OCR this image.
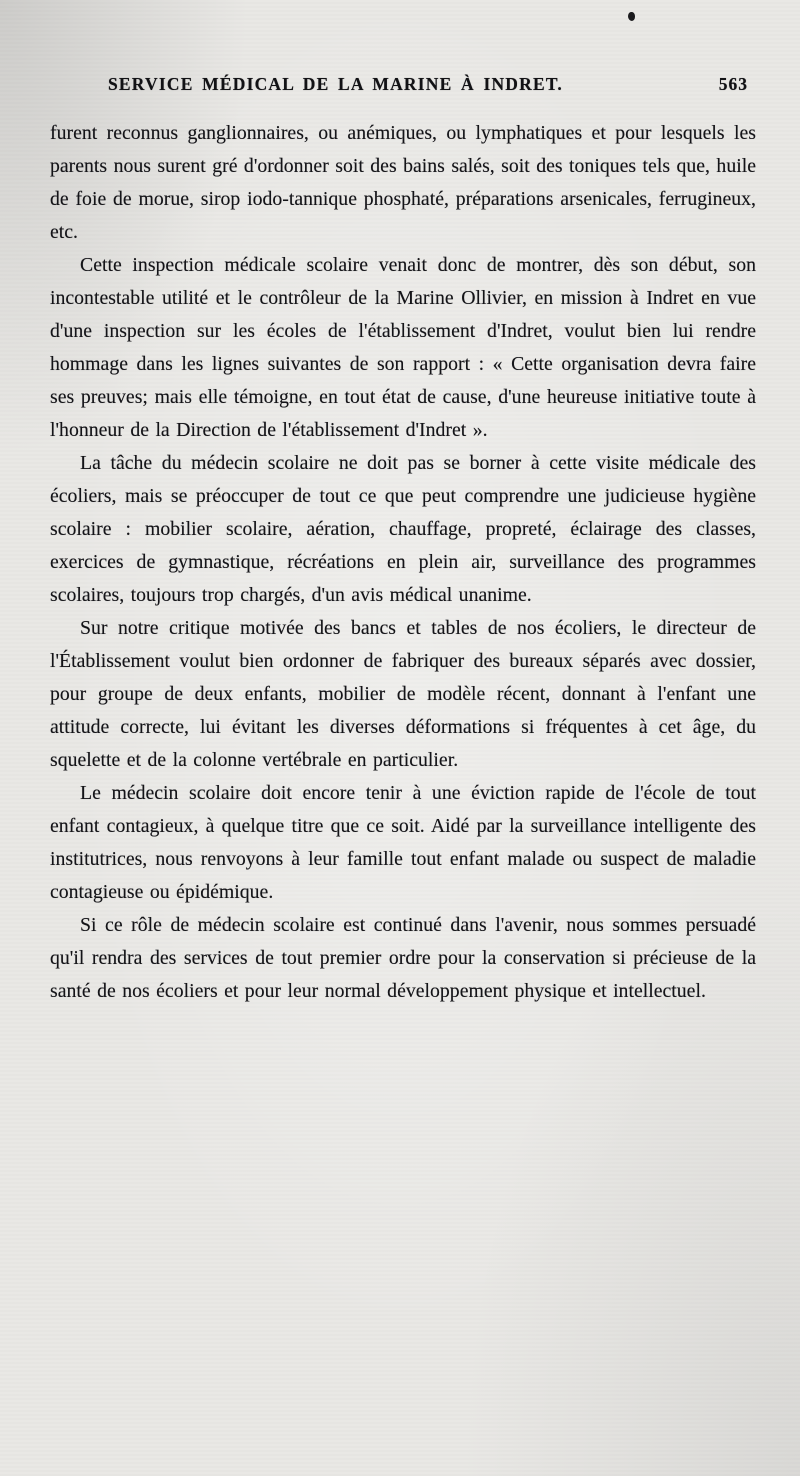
SERVICE MÉDICAL DE LA MARINE À INDRET.	563

furent reconnus ganglionnaires, ou anémiques, ou lymphatiques et pour lesquels les parents nous surent gré d'ordonner soit des bains salés, soit des toniques tels que, huile de foie de morue, sirop iodo-tannique phosphaté, préparations arsenicales, ferrugineux, etc.

Cette inspection médicale scolaire venait donc de montrer, dès son début, son incontestable utilité et le contrôleur de la Marine Ollivier, en mission à Indret en vue d'une inspection sur les écoles de l'établissement d'Indret, voulut bien lui rendre hommage dans les lignes suivantes de son rapport : « Cette organisation devra faire ses preuves; mais elle témoigne, en tout état de cause, d'une heureuse initiative toute à l'honneur de la Direction de l'établissement d'Indret ».

La tâche du médecin scolaire ne doit pas se borner à cette visite médicale des écoliers, mais se préoccuper de tout ce que peut comprendre une judicieuse hygiène scolaire : mobilier scolaire, aération, chauffage, propreté, éclairage des classes, exercices de gymnastique, récréations en plein air, surveillance des programmes scolaires, toujours trop chargés, d'un avis médical unanime.

Sur notre critique motivée des bancs et tables de nos écoliers, le directeur de l'Établissement voulut bien ordonner de fabriquer des bureaux séparés avec dossier, pour groupe de deux enfants, mobilier de modèle récent, donnant à l'enfant une attitude correcte, lui évitant les diverses déformations si fréquentes à cet âge, du squelette et de la colonne vertébrale en particulier.

Le médecin scolaire doit encore tenir à une éviction rapide de l'école de tout enfant contagieux, à quelque titre que ce soit. Aidé par la surveillance intelligente des institutrices, nous renvoyons à leur famille tout enfant malade ou suspect de maladie contagieuse ou épidémique.

Si ce rôle de médecin scolaire est continué dans l'avenir, nous sommes persuadé qu'il rendra des services de tout premier ordre pour la conservation si précieuse de la santé de nos écoliers et pour leur normal développement physique et intellectuel.
